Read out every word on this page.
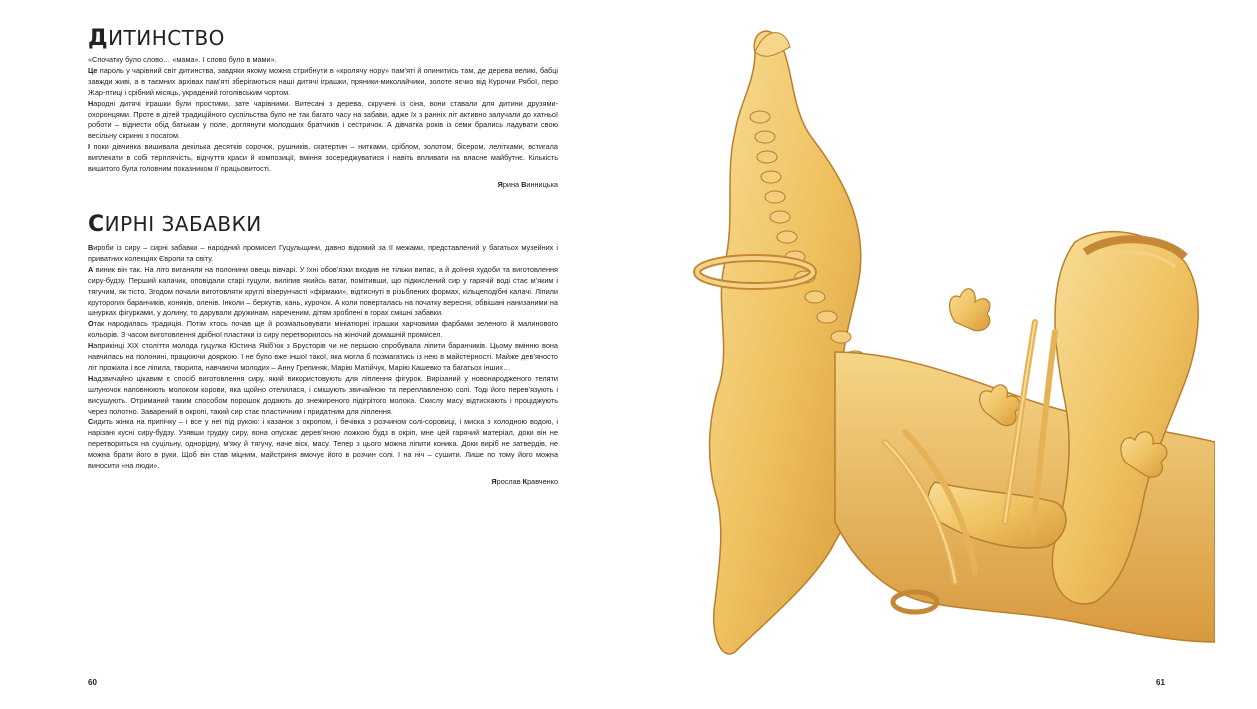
ДИТИНСТВО
«Спочатку було слово… «мама». І слово було в мами».
Це пароль у чарівний світ дитинства, завдяки якому можна стрибнути в «кролячу нору» пам’яті й опинитись там, де дерева великі, бабці завжди живі, а в таємних архівах пам’яті зберігаються наші дитячі іграшки, пряники-миколайчики, золоте яєчко від Курочки Рябої, перо Жар-птиці і срібний місяць, украдений гоголівським чортом.
Народні дитячі іграшки були простими, зате чарівними. Витесані з дерева, скручені із сіна, вони ставали для дитини друзями-охоронцями. Проте в дітей традиційного суспільства було не так багато часу на забави, адже їх з ранніх літ активно залучали до хатньої роботи – віднести обід батькам у поле, доглянути молодших братчиків і сестричок. А дівчатка років із семи брались ладувати свою весільну скриню з посагом.
І поки дівчинка вишивала декілька десятків сорочок, рушників, скатертин – нитками, сріблом, золотом, бісером, лелітками, встигала виплекати в собі терплячість, відчуття краси й композиції, вміння зосереджуватися і навіть впливати на власне майбутнє. Кількість вишитого була головним показником її працьовитості.
Ярина Винницька
СИРНІ ЗАБАВКИ
Вироби із сиру – сирні забавки – народний промисел Гуцульщини, давно відомий за її межами, представлений у багатьох музейних і приватних колекціях Європи та світу.
А виник він так. На літо виганяли на полонини овець вівчарі. У їхні обов’язки входив не тільки випас, а й доїння худоби та виготовлення сиру-будзу. Перший калачик, оповідали старі гуцули, виліпив якийсь ватаг, помітивши, що підкислений сир у гарячій воді стає м’яким і тягучим, як тісто. Згодом почали виготовляти круглі візерунчасті «фірмаки», відтиснуті в різьблених формах, кільцеподібні калачі. Ліпили круторогих баранчиків, коників, оленів. Інколи – беркутів, кань, курочок. А коли поверталась на початку вересня, обвішані нанизаними на шнурках фігурками, у долину, то дарували дружинам, нареченим, дітям зроблені в горах смішні забавки.
Отак народилась традиція. Потім хтось почав ще й розмальовувати мініатюрні іграшки харчовими фарбами зеленого й малинового кольорів. З часом виготовлення дрібної пластики із сиру перетворилось на жіночий домашній промисел.
Наприкінці ХІХ століття молода гуцулка Юстина Якіб’юк з Брусторів чи не першою спробувала ліпити баранчиків. Цьому вмінню вона навчилась на полонині, працюючи дояркою. І не було вже іншої такої, яка могла б позмагатись із нею в майстерності. Майже дев’яносто літ прожила і все ліпила, творила, навчаючи молодих – Анну Грепиняк, Марію Матійчук, Марію Кашевко та багатьох інших…
Надзвичайно цікавим є спосіб виготовлення сиру, який використовують для ліплення фігурок. Вирізаний у новонародженого теляти шлуночок наповнюють молоком корови, яка щойно отелилася, і смішують звичайною та переплавленою солі. Тоді його перев’язують і висушують. Отриманий таким способом порошок додають до знежиреного підігрітого молока. Скислу масу відтискають і проціджують через полотно. Заварений в окропі, такий сир стає пластичним і придатним для ліплення.
Сидить жінка на припічку – і все у неї під рукою: і казанок з окропом, і бечівка з розчином солі-соровиці, і миска з холодною водою, і нарізані куснi сиру-будзу. Узявши грудку сиру, вона опускає дерев’яною ложкою будз в окріп, мне цей гарячий матеріал, доки він не перетвориться на суцільну, однорідну, м’яку й тягучу, наче віск, масу. Тепер з цього можна ліпити коника. Доки виріб не затвердів, не можна брати його в руки. Щоб він став міцним, майстриня вмочує його в розчин солі. І на ніч – сушити. Лише по тому його можна виносити «на люди».
Ярослав Кравченко
60	61
